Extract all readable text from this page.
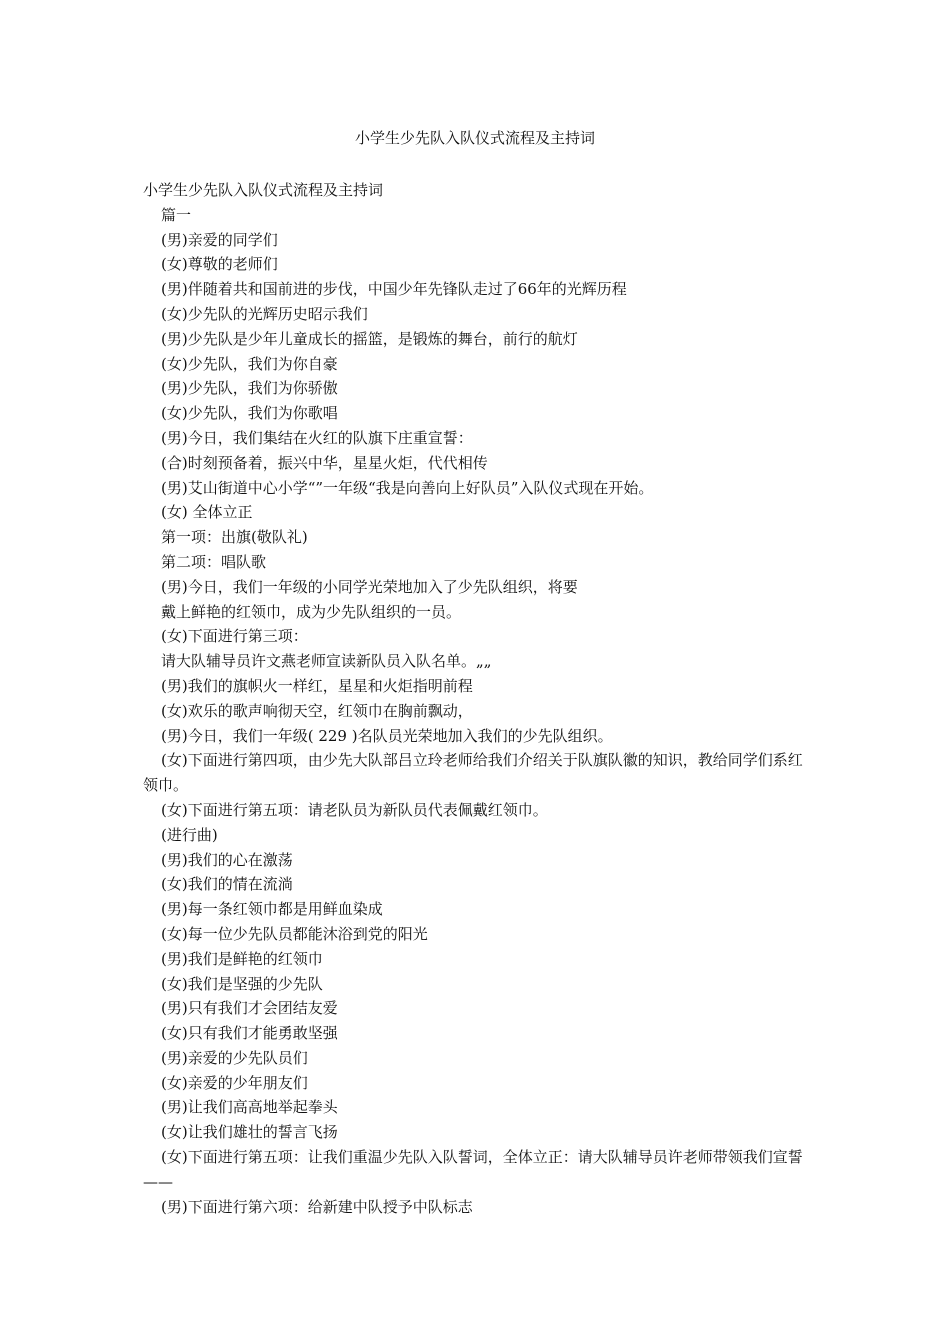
小学生少先队入队仪式流程及主持词

小学生少先队入队仪式流程及主持词

篇一

(男)亲爱的同学们

(女)尊敬的老师们

(男)伴随着共和国前进的步伐，中国少年先锋队走过了66年的光辉历程

(女)少先队的光辉历史昭示我们

(男)少先队是少年儿童成长的摇篮，是锻炼的舞台，前行的航灯

(女)少先队，我们为你自豪

(男)少先队，我们为你骄傲

(女)少先队，我们为你歌唱

(男)今日，我们集结在火红的队旗下庄重宣誓：

(合)时刻预备着，振兴中华，星星火炬，代代相传

(男)艾山街道中心小学“”一年级“我是向善向上好队员”入队仪式现在开始。

(女) 全体立正

第一项：出旗(敬队礼)

第二项：唱队歌

(男)今日，我们一年级的小同学光荣地加入了少先队组织，将要

戴上鲜艳的红领巾，成为少先队组织的一员。

(女)下面进行第三项：

请大队辅导员许文燕老师宣读新队员入队名单。„„

(男)我们的旗帜火一样红，星星和火炬指明前程

(女)欢乐的歌声响彻天空，红领巾在胸前飘动，

(男)今日，我们一年级( 229 )名队员光荣地加入我们的少先队组织。

(女)下面进行第四项，由少先大队部吕立玲老师给我们介绍关于队旗队徽的知识，教给同学们系红领巾。

(女)下面进行第五项：请老队员为新队员代表佩戴红领巾。

(进行曲)

(男)我们的心在激荡

(女)我们的情在流淌

(男)每一条红领巾都是用鲜血染成

(女)每一位少先队员都能沐浴到党的阳光

(男)我们是鲜艳的红领巾

(女)我们是坚强的少先队

(男)只有我们才会团结友爱

(女)只有我们才能勇敢坚强

(男)亲爱的少先队员们

(女)亲爱的少年朋友们

(男)让我们高高地举起拳头

(女)让我们雄壮的誓言飞扬

(女)下面进行第五项：让我们重温少先队入队誓词，全体立正：请大队辅导员许老师带领我们宣誓——

(男)下面进行第六项：给新建中队授予中队标志
